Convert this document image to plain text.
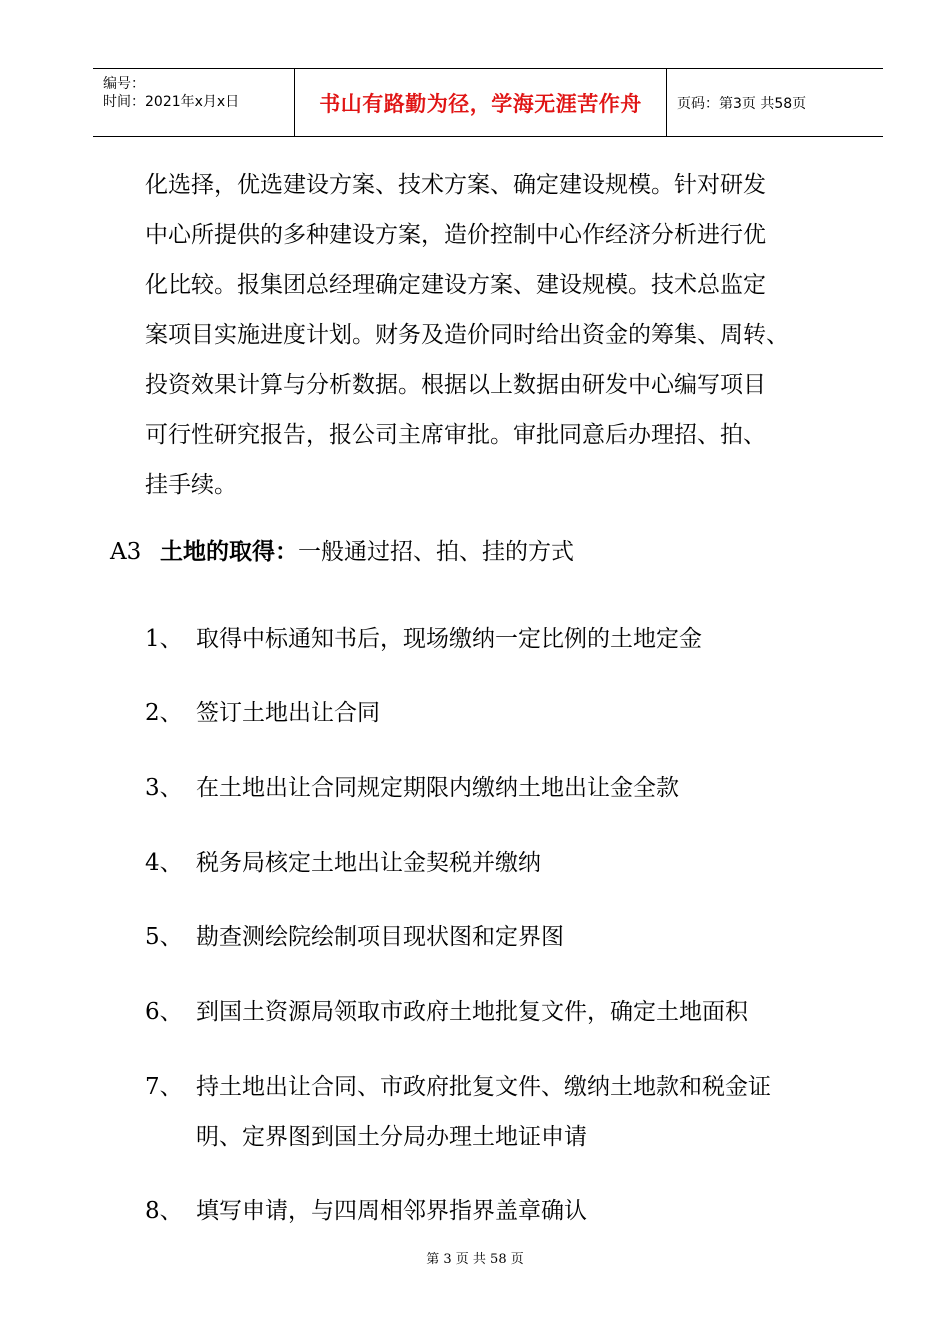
编号：
时间：2021年x月x日	书山有路勤为径，学海无涯苦作舟	页码：第3页 共58页
化选择，优选建设方案、技术方案、确定建设规模。针对研发
中心所提供的多种建设方案，造价控制中心作经济分析进行优
化比较。报集团总经理确定建设方案、建设规模。技术总监定
案项目实施进度计划。财务及造价同时给出资金的筹集、周转、
投资效果计算与分析数据。根据以上数据由研发中心编写项目
可行性研究报告，报公司主席审批。审批同意后办理招、拍、
挂手续。
A3 土地的取得：一般通过招、拍、挂的方式
1、 取得中标通知书后，现场缴纳一定比例的土地定金
2、 签订土地出让合同
3、 在土地出让合同规定期限内缴纳土地出让金全款
4、 税务局核定土地出让金契税并缴纳
5、 勘查测绘院绘制项目现状图和定界图
6、 到国土资源局领取市政府土地批复文件，确定土地面积
7、 持土地出让合同、市政府批复文件、缴纳土地款和税金证
明、定界图到国土分局办理土地证申请
8、 填写申请，与四周相邻界指界盖章确认
第 3 页 共 58 页
